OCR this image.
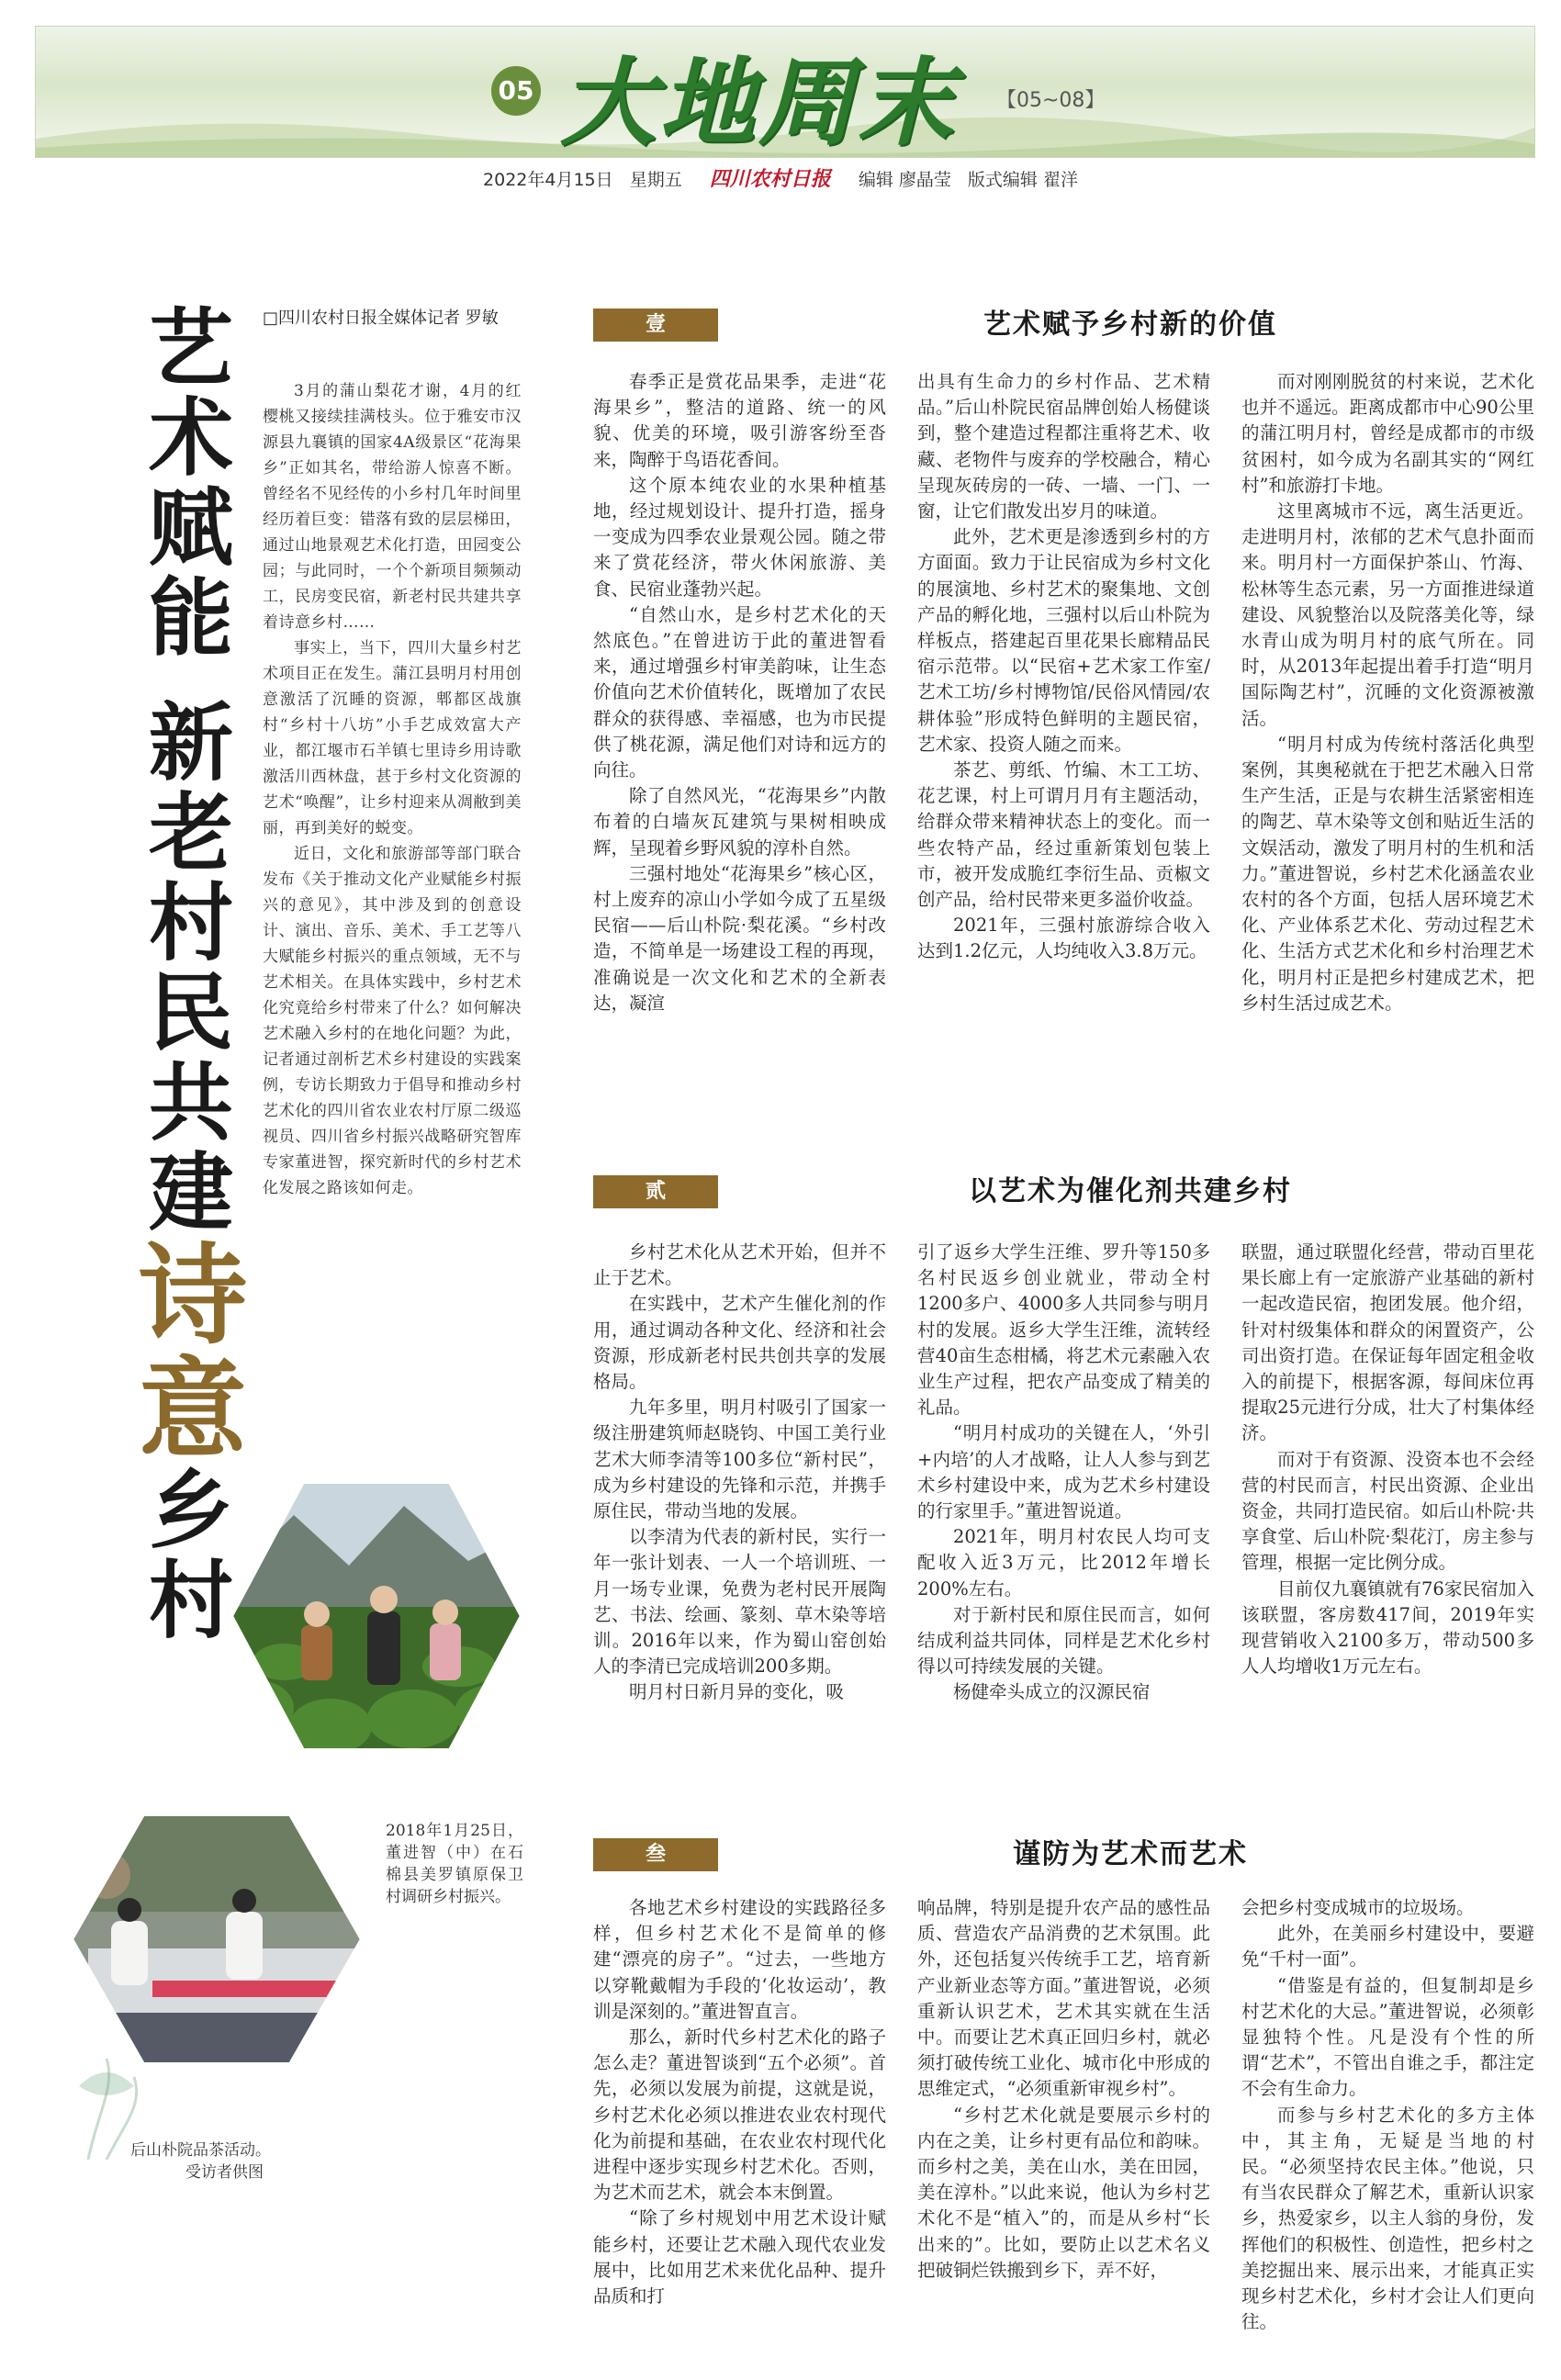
05 大地周末 【05~08】
2022年4月15日 星期五 四川农村日报 编辑 廖晶莹 版式编辑 翟洋
艺术赋能 新老村民共建诗意乡村
□四川农村日报全媒体记者 罗敏

3月的蒲山梨花才谢，4月的红樱桃又接续挂满枝头。位于雅安市汉源县九襄镇的国家4A级景区“花海果乡”正如其名，带给游人惊喜不断。曾经名不见经传的小乡村几年时间里经历着巨变：错落有致的层层梯田，通过山地景观艺术化打造，田园变公园；与此同时，一个个新项目频频动工，民房变民宿，新老村民共建共享着诗意乡村……

事实上，当下，四川大量乡村艺术项目正在发生。蒲江县明月村用创意激活了沉睡的资源，郫都区战旗村“乡村十八坊”小手艺成效富大产业，都江堰市石羊镇七里诗乡用诗歌激活川西林盘，甚于乡村文化资源的艺术“唤醒”，让乡村迎来从凋敝到美丽，再到美好的蜕变。

近日，文化和旅游部等部门联合发布《关于推动文化产业赋能乡村振兴的意见》，其中涉及到的创意设计、演出、音乐、美术、手工艺等八大赋能乡村振兴的重点领域，无不与艺术相关。在具体实践中，乡村艺术化究竟给乡村带来了什么？如何解决艺术融入乡村的在地化问题？为此，记者通过剖析艺术乡村建设的实践案例，专访长期致力于倡导和推动乡村艺术化的四川省农业农村厅原二级巡视员、四川省乡村振兴战略研究智库专家董进智，探究新时代的乡村艺术化发展之路该如何走。

2018年1月25日，董进智（中）在石棉县美罗镇原保卫村调研乡村振兴。
后山朴院品茶活动。
受访者供图
壹	艺术赋予乡村新的价值

春季正是赏花品果季，走进“花海果乡”，整洁的道路、统一的风貌、优美的环境，吸引游客纷至沓来，陶醉于鸟语花香间。

这个原本纯农业的水果种植基地，经过规划设计、提升打造，摇身一变成为四季农业景观公园。随之带来了赏花经济，带火休闲旅游、美食、民宿业蓬勃兴起。

“自然山水，是乡村艺术化的天然底色。”在曾进访于此的董进智看来，通过增强乡村审美韵味，让生态价值向艺术价值转化，既增加了农民群众的获得感、幸福感，也为市民提供了桃花源，满足他们对诗和远方的向往。

除了自然风光，“花海果乡”内散布着的白墙灰瓦建筑与果树相映成辉，呈现着乡野风貌的淳朴自然。

三强村地处“花海果乡”核心区，村上废弃的凉山小学如今成了五星级民宿——后山朴院·梨花溪。“乡村改造，不简单是一场建设工程的再现，准确说是一次文化和艺术的全新表达，凝渲

出具有生命力的乡村作品、艺术精品。”后山朴院民宿品牌创始人杨健谈到，整个建造过程都注重将艺术、收藏、老物件与废弃的学校融合，精心呈现灰砖房的一砖、一墙、一门、一窗，让它们散发出岁月的味道。

此外，艺术更是渗透到乡村的方方面面。致力于让民宿成为乡村文化的展演地、乡村艺术的聚集地、文创产品的孵化地，三强村以后山朴院为样板点，搭建起百里花果长廊精品民宿示范带。以“民宿+艺术家工作室/艺术工坊/乡村博物馆/民俗风情园/农耕体验”形成特色鲜明的主题民宿，艺术家、投资人随之而来。

茶艺、剪纸、竹编、木工工坊、花艺课，村上可谓月月有主题活动，给群众带来精神状态上的变化。而一些农特产品，经过重新策划包装上市，被开发成脆红李衍生品、贡椒文创产品，给村民带来更多溢价收益。

2021年，三强村旅游综合收入达到1.2亿元，人均纯收入3.8万元。

而对刚刚脱贫的村来说，艺术化也并不遥远。距离成都市中心90公里的蒲江明月村，曾经是成都市的市级贫困村，如今成为名副其实的“网红村”和旅游打卡地。

这里离城市不远，离生活更近。走进明月村，浓郁的艺术气息扑面而来。明月村一方面保护茶山、竹海、松林等生态元素，另一方面推进绿道建设、风貌整治以及院落美化等，绿水青山成为明月村的底气所在。同时，从2013年起提出着手打造“明月国际陶艺村”，沉睡的文化资源被激活。

“明月村成为传统村落活化典型案例，其奥秘就在于把艺术融入日常生产生活，正是与农耕生活紧密相连的陶艺、草木染等文创和贴近生活的文娱活动，激发了明月村的生机和活力。”董进智说，乡村艺术化涵盖农业农村的各个方面，包括人居环境艺术化、产业体系艺术化、劳动过程艺术化、生活方式艺术化和乡村治理艺术化，明月村正是把乡村建成艺术，把乡村生活过成艺术。

贰	以艺术为催化剂共建乡村

乡村艺术化从艺术开始，但并不止于艺术。

在实践中，艺术产生催化剂的作用，通过调动各种文化、经济和社会资源，形成新老村民共创共享的发展格局。

九年多里，明月村吸引了国家一级注册建筑师赵晓钧、中国工美行业艺术大师李清等100多位“新村民”，成为乡村建设的先锋和示范，并携手原住民，带动当地的发展。

以李清为代表的新村民，实行一年一张计划表、一人一个培训班、一月一场专业课，免费为老村民开展陶艺、书法、绘画、篆刻、草木染等培训。2016年以来，作为蜀山窑创始人的李清已完成培训200多期。

明月村日新月异的变化，吸

引了返乡大学生汪维、罗升等150多名村民返乡创业就业，带动全村1200多户、4000多人共同参与明月村的发展。返乡大学生汪维，流转经营40亩生态柑橘，将艺术元素融入农业生产过程，把农产品变成了精美的礼品。

“明月村成功的关键在人，‘外引+内培’的人才战略，让人人参与到艺术乡村建设中来，成为艺术乡村建设的行家里手。”董进智说道。

2021年，明月村农民人均可支配收入近3万元，比2012年增长200%左右。

对于新村民和原住民而言，如何结成利益共同体，同样是艺术化乡村得以可持续发展的关键。

杨健牵头成立的汉源民宿

联盟，通过联盟化经营，带动百里花果长廊上有一定旅游产业基础的新村一起改造民宿，抱团发展。他介绍，针对村级集体和群众的闲置资产，公司出资打造。在保证每年固定租金收入的前提下，根据客源，每间床位再提取25元进行分成，壮大了村集体经济。

而对于有资源、没资本也不会经营的村民而言，村民出资源、企业出资金，共同打造民宿。如后山朴院·共享食堂、后山朴院·梨花汀，房主参与管理，根据一定比例分成。

目前仅九襄镇就有76家民宿加入该联盟，客房数417间，2019年实现营销收入2100多万，带动500多人人均增收1万元左右。

叁	谨防为艺术而艺术

各地艺术乡村建设的实践路径多样，但乡村艺术化不是简单的修建“漂亮的房子”。“过去，一些地方以穿靴戴帽为手段的‘化妆运动’，教训是深刻的。”董进智直言。

那么，新时代乡村艺术化的路子怎么走？董进智谈到“五个必须”。首先，必须以发展为前提，这就是说，乡村艺术化必须以推进农业农村现代化为前提和基础，在农业农村现代化进程中逐步实现乡村艺术化。否则，为艺术而艺术，就会本末倒置。

“除了乡村规划中用艺术设计赋能乡村，还要让艺术融入现代农业发展中，比如用艺术来优化品种、提升品质和打

响品牌，特别是提升农产品的感性品质、营造农产品消费的艺术氛围。此外，还包括复兴传统手工艺，培育新产业新业态等方面。”董进智说，必须重新认识艺术，艺术其实就在生活中。而要让艺术真正回归乡村，就必须打破传统工业化、城市化中形成的思维定式，“必须重新审视乡村”。

“乡村艺术化就是要展示乡村的内在之美，让乡村更有品位和韵味。而乡村之美，美在山水，美在田园，美在淳朴。”以此来说，他认为乡村艺术化不是“植入”的，而是从乡村“长出来的”。比如，要防止以艺术名义把破铜烂铁搬到乡下，弄不好，

会把乡村变成城市的垃圾场。

此外，在美丽乡村建设中，要避免“千村一面”。

“借鉴是有益的，但复制却是乡村艺术化的大忌。”董进智说，必须彰显独特个性。凡是没有个性的所谓“艺术”，不管出自谁之手，都注定不会有生命力。

而参与乡村艺术化的多方主体中，其主角，无疑是当地的村民。“必须坚持农民主体。”他说，只有当农民群众了解艺术，重新认识家乡，热爱家乡，以主人翁的身份，发挥他们的积极性、创造性，把乡村之美挖掘出来、展示出来，才能真正实现乡村艺术化，乡村才会让人们更向往。
